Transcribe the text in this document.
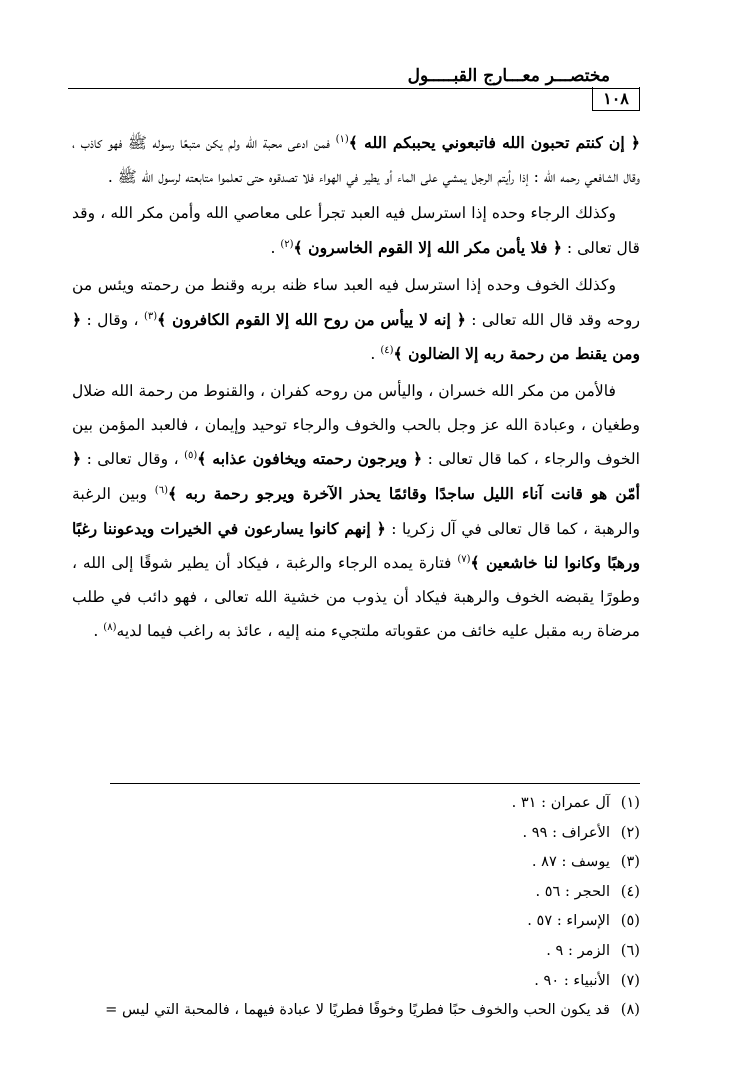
مختصـــر معـــارج القبـــــول
١٠٨

﴿ إن كنتم تحبون الله فاتبعوني يحببكم الله ﴾$^{(١)}$ فمن ادعى محبة الله ولم يكن متبعًا رسوله ﷺ فهو كاذب ، وقال الشافعي رحمه الله : إذا رأيتم الرجل يمشي على الماء أو يطير في الهواء فلا تصدقوه حتى تعلموا متابعته لرسول الله ﷺ .

وكذلك الرجاء وحده إذا استرسل فيه العبد تجرأ على معاصي الله وأمن مكر الله ، وقد قال تعالى : ﴿ فلا يأمن مكر الله إلا القوم الخاسرون ﴾$^{(٢)}$ .

وكذلك الخوف وحده إذا استرسل فيه العبد ساء ظنه بربه وقنط من رحمته ويئس من روحه وقد قال الله تعالى : ﴿ إنه لا ييأس من روح الله إلا القوم الكافرون ﴾$^{(٣)}$ ، وقال : ﴿ ومن يقنط من رحمة ربه إلا الضالون ﴾$^{(٤)}$ .

فالأمن من مكر الله خسران ، واليأس من روحه كفران ، والقنوط من رحمة الله ضلال وطغيان ، وعبادة الله عز وجل بالحب والخوف والرجاء توحيد وإيمان ، فالعبد المؤمن بين الخوف والرجاء ، كما قال تعالى : ﴿ ويرجون رحمته ويخافون عذابه ﴾$^{(٥)}$ ، وقال تعالى : ﴿ أمّن هو قانت آناء الليل ساجدًا وقائمًا يحذر الآخرة ويرجو رحمة ربه ﴾$^{(٦)}$ وبين الرغبة والرهبة ، كما قال تعالى في آل زكريا : ﴿ إنهم كانوا يسارعون في الخيرات ويدعوننا رغبًا ورهبًا وكانوا لنا خاشعين ﴾$^{(٧)}$ فتارة يمده الرجاء والرغبة ، فيكاد أن يطير شوقًا إلى الله ، وطورًا يقبضه الخوف والرهبة فيكاد أن يذوب من خشية الله تعالى ، فهو دائب في طلب مرضاة ربه مقبل عليه خائف من عقوباته ملتجيء منه إليه ، عائذ به راغب فيما لديه$^{(٨)}$ .

(١)آل عمران : ٣١ .
(٢)الأعراف : ٩٩ .
(٣)يوسف : ٨٧ .
(٤)الحجر : ٥٦ .
(٥)الإسراء : ٥٧ .
(٦)الزمر : ٩ .
(٧)الأنبياء : ٩٠ .
(٨)قد يكون الحب والخوف حبًا فطريًا وخوفًا فطريًا لا عبادة فيهما ، فالمحبة التي ليس =
